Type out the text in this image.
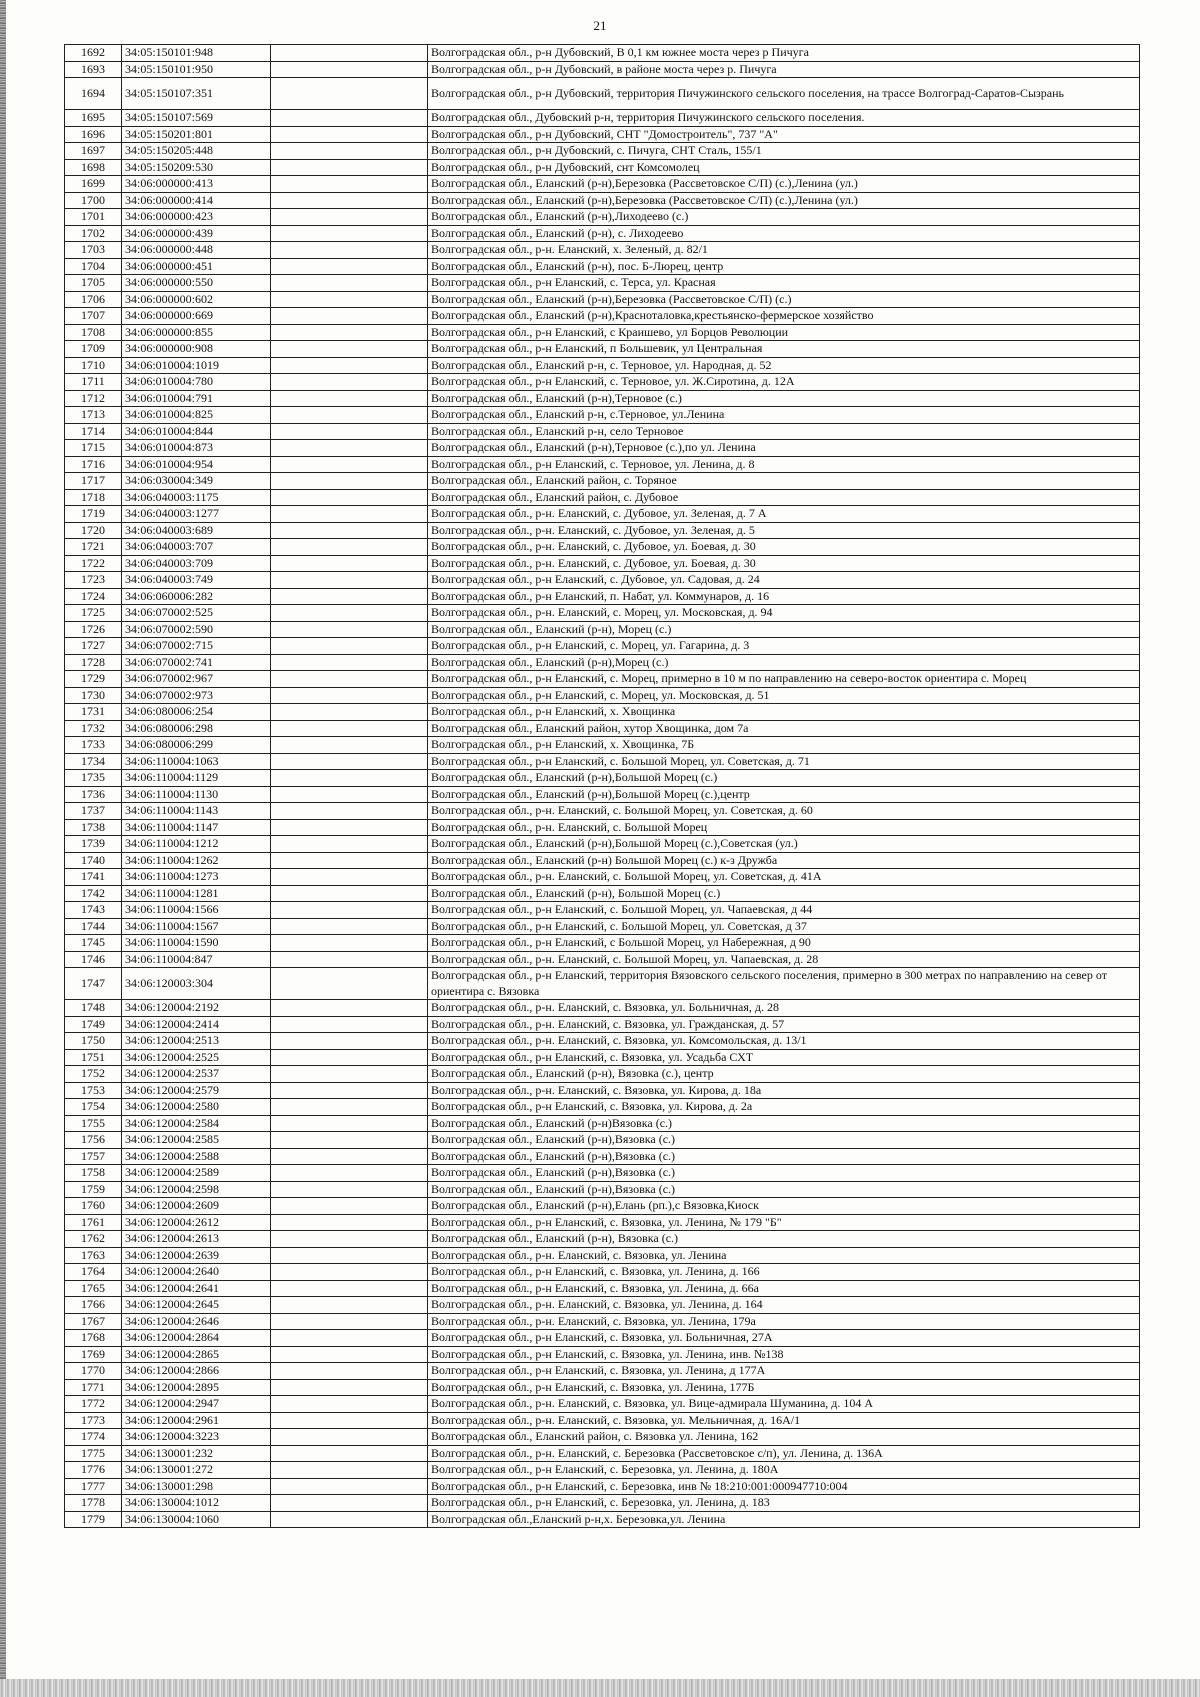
21
1692	34:05:150101:948		Волгоградская обл., р-н Дубовский, В 0,1 км южнее моста через р Пичуга
1693	34:05:150101:950		Волгоградская обл., р-н Дубовский, в районе моста через р. Пичуга
1694	34:05:150107:351		Волгоградская обл., р-н Дубовский, территория Пичужинского сельского поселения, на трассе Волгоград-Саратов-Сызрань
1695	34:05:150107:569		Волгоградская обл., Дубовский р-н, территория Пичужинского сельского поселения.
1696	34:05:150201:801		Волгоградская обл., р-н Дубовский, СНТ "Домостроитель", 737 "А"
1697	34:05:150205:448		Волгоградская обл., р-н Дубовский, с. Пичуга, СНТ Сталь, 155/1
1698	34:05:150209:530		Волгоградская обл., р-н Дубовский, снт Комсомолец
1699	34:06:000000:413		Волгоградская обл., Еланский (р-н),Березовка (Рассветовское С/П) (с.),Ленина (ул.)
1700	34:06:000000:414		Волгоградская обл., Еланский (р-н),Березовка (Рассветовское С/П) (с.),Ленина (ул.)
1701	34:06:000000:423		Волгоградская обл., Еланский (р-н),Лиходеево (с.)
1702	34:06:000000:439		Волгоградская обл., Еланский (р-н), с. Лиходеево
1703	34:06:000000:448		Волгоградская обл., р-н. Еланский, х. Зеленый, д. 82/1
1704	34:06:000000:451		Волгоградская обл., Еланский (р-н), пос. Б-Люрец, центр
1705	34:06:000000:550		Волгоградская обл., р-н Еланский, с. Терса, ул. Красная
1706	34:06:000000:602		Волгоградская обл., Еланский (р-н),Березовка (Рассветовское С/П) (с.)
1707	34:06:000000:669		Волгоградская обл., Еланский (р-н),Красноталовка,крестьянско-фермерское хозяйство
1708	34:06:000000:855		Волгоградская обл., р-н Еланский, с Краишево, ул Борцов Революции
1709	34:06:000000:908		Волгоградская обл., р-н Еланский, п Большевик, ул Центральная
1710	34:06:010004:1019		Волгоградская обл., Еланский р-н, с. Терновое, ул. Народная, д. 52
1711	34:06:010004:780		Волгоградская обл., р-н Еланский, с. Терновое, ул. Ж.Сиротина, д. 12А
1712	34:06:010004:791		Волгоградская обл., Еланский (р-н),Терновое (с.)
1713	34:06:010004:825		Волгоградская обл., Еланский р-н, с.Терновое, ул.Ленина
1714	34:06:010004:844		Волгоградская обл., Еланский р-н, село Терновое
1715	34:06:010004:873		Волгоградская обл., Еланский (р-н),Терновое (с.),по ул. Ленина
1716	34:06:010004:954		Волгоградская обл., р-н Еланский, с. Терновое, ул. Ленина, д. 8
1717	34:06:030004:349		Волгоградская обл., Еланский район, с. Торяное
1718	34:06:040003:1175		Волгоградская обл., Еланский район, с. Дубовое
1719	34:06:040003:1277		Волгоградская обл., р-н. Еланский, с. Дубовое, ул. Зеленая, д. 7 А
1720	34:06:040003:689		Волгоградская обл., р-н. Еланский, с. Дубовое, ул. Зеленая, д. 5
1721	34:06:040003:707		Волгоградская обл., р-н. Еланский, с. Дубовое, ул. Боевая, д. 30
1722	34:06:040003:709		Волгоградская обл., р-н. Еланский, с. Дубовое, ул. Боевая, д. 30
1723	34:06:040003:749		Волгоградская обл., р-н Еланский, с. Дубовое, ул. Садовая, д. 24
1724	34:06:060006:282		Волгоградская обл., р-н Еланский, п. Набат, ул. Коммунаров, д. 16
1725	34:06:070002:525		Волгоградская обл., р-н. Еланский, с. Морец, ул. Московская, д. 94
1726	34:06:070002:590		Волгоградская обл., Еланский (р-н), Морец (с.)
1727	34:06:070002:715		Волгоградская обл., р-н Еланский, с. Морец, ул. Гагарина, д. 3
1728	34:06:070002:741		Волгоградская обл., Еланский (р-н),Морец (с.)
1729	34:06:070002:967		Волгоградская обл., р-н Еланский, с. Морец, примерно в 10 м по направлению на северо-восток ориентира с. Морец
1730	34:06:070002:973		Волгоградская обл., р-н Еланский, с. Морец, ул. Московская, д. 51
1731	34:06:080006:254		Волгоградская обл., р-н Еланский, х. Хвощинка
1732	34:06:080006:298		Волгоградская обл., Еланский район, хутор Хвощинка, дом 7а
1733	34:06:080006:299		Волгоградская обл., р-н Еланский, х. Хвощинка, 7Б
1734	34:06:110004:1063		Волгоградская обл., р-н Еланский, с. Большой Морец, ул. Советская, д. 71
1735	34:06:110004:1129		Волгоградская обл., Еланский (р-н),Большой Морец (с.)
1736	34:06:110004:1130		Волгоградская обл., Еланский (р-н),Большой Морец (с.),центр
1737	34:06:110004:1143		Волгоградская обл., р-н. Еланский, с. Большой Морец, ул. Советская, д. 60
1738	34:06:110004:1147		Волгоградская обл., р-н. Еланский, с. Большой Морец
1739	34:06:110004:1212		Волгоградская обл., Еланский (р-н),Большой Морец (с.),Советская (ул.)
1740	34:06:110004:1262		Волгоградская обл., Еланский (р-н) Большой Морец (с.) к-з Дружба
1741	34:06:110004:1273		Волгоградская обл., р-н. Еланский, с. Большой Морец, ул. Советская, д. 41А
1742	34:06:110004:1281		Волгоградская обл., Еланский (р-н), Большой Морец (с.)
1743	34:06:110004:1566		Волгоградская обл., р-н Еланский, с. Большой Морец, ул. Чапаевская, д 44
1744	34:06:110004:1567		Волгоградская обл., р-н Еланский, с. Большой Морец, ул. Советская, д 37
1745	34:06:110004:1590		Волгоградская обл., р-н Еланский, с Большой Морец, ул Набережная, д 90
1746	34:06:110004:847		Волгоградская обл., р-н. Еланский, с. Большой Морец, ул. Чапаевская, д. 28
1747	34:06:120003:304		Волгоградская обл., р-н Еланский, территория Вязовского сельского поселения, примерно в 300 метрах по направлению на север от ориентира с. Вязовка
1748	34:06:120004:2192		Волгоградская обл., р-н. Еланский, с. Вязовка, ул. Больничная, д. 28
1749	34:06:120004:2414		Волгоградская обл., р-н. Еланский, с. Вязовка, ул. Гражданская, д. 57
1750	34:06:120004:2513		Волгоградская обл., р-н. Еланский, с. Вязовка, ул. Комсомольская, д. 13/1
1751	34:06:120004:2525		Волгоградская обл., р-н Еланский, с. Вязовка, ул. Усадьба СХТ
1752	34:06:120004:2537		Волгоградская обл., Еланский (р-н), Вязовка (с.), центр
1753	34:06:120004:2579		Волгоградская обл., р-н. Еланский, с. Вязовка, ул. Кирова, д. 18а
1754	34:06:120004:2580		Волгоградская обл., р-н Еланский, с. Вязовка, ул. Кирова, д. 2а
1755	34:06:120004:2584		Волгоградская обл., Еланский (р-н)Вязовка (с.)
1756	34:06:120004:2585		Волгоградская обл., Еланский (р-н),Вязовка (с.)
1757	34:06:120004:2588		Волгоградская обл., Еланский (р-н),Вязовка (с.)
1758	34:06:120004:2589		Волгоградская обл., Еланский (р-н),Вязовка (с.)
1759	34:06:120004:2598		Волгоградская обл., Еланский (р-н),Вязовка (с.)
1760	34:06:120004:2609		Волгоградская обл., Еланский (р-н),Елань (рп.),с Вязовка,Киоск
1761	34:06:120004:2612		Волгоградская обл., р-н Еланский, с. Вязовка, ул. Ленина, № 179 "Б"
1762	34:06:120004:2613		Волгоградская обл., Еланский (р-н), Вязовка (с.)
1763	34:06:120004:2639		Волгоградская обл., р-н. Еланский, с. Вязовка, ул. Ленина
1764	34:06:120004:2640		Волгоградская обл., р-н Еланский, с. Вязовка, ул. Ленина, д. 166
1765	34:06:120004:2641		Волгоградская обл., р-н Еланский, с. Вязовка, ул. Ленина, д. 66а
1766	34:06:120004:2645		Волгоградская обл., р-н. Еланский, с. Вязовка, ул. Ленина, д. 164
1767	34:06:120004:2646		Волгоградская обл., р-н. Еланский, с. Вязовка, ул. Ленина, 179а
1768	34:06:120004:2864		Волгоградская обл., р-н Еланский, с. Вязовка, ул. Больничная, 27А
1769	34:06:120004:2865		Волгоградская обл., р-н Еланский, с. Вязовка, ул. Ленина, инв. №138
1770	34:06:120004:2866		Волгоградская обл., р-н Еланский, с. Вязовка, ул. Ленина, д 177А
1771	34:06:120004:2895		Волгоградская обл., р-н Еланский, с. Вязовка, ул. Ленина, 177Б
1772	34:06:120004:2947		Волгоградская обл., р-н. Еланский, с. Вязовка, ул. Вице-адмирала Шуманина, д. 104 А
1773	34:06:120004:2961		Волгоградская обл., р-н. Еланский, с. Вязовка, ул. Мельничная, д. 16А/1
1774	34:06:120004:3223		Волгоградская обл., Еланский район, с. Вязовка ул. Ленина, 162
1775	34:06:130001:232		Волгоградская обл., р-н. Еланский, с. Березовка (Рассветовское с/п), ул. Ленина, д. 136А
1776	34:06:130001:272		Волгоградская обл., р-н Еланский, с. Березовка, ул. Ленина, д. 180А
1777	34:06:130001:298		Волгоградская обл., р-н Еланский, с. Березовка, инв № 18:210:001:000947710:004
1778	34:06:130004:1012		Волгоградская обл., р-н Еланский, с. Березовка, ул. Ленина, д. 183
1779	34:06:130004:1060		Волгоградская обл.,Еланский р-н,х. Березовка,ул. Ленина
